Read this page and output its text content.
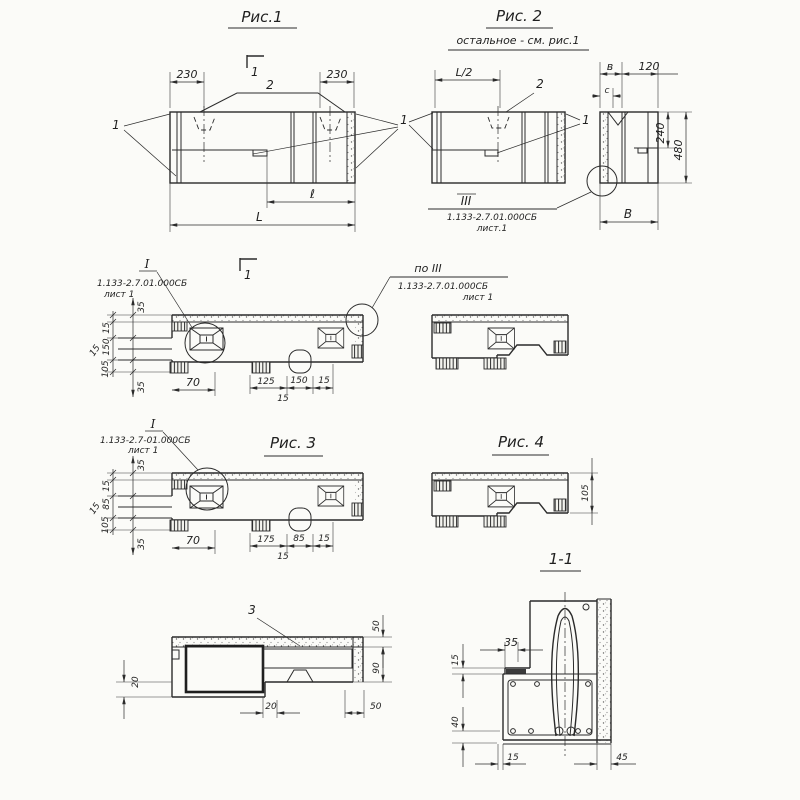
Рис.1
1
230	230
2
1
ℓ
L
Рис. 2
остальное - см. рис.1
L/2
2
1	1
в
с
120
240
480
В
III
1.133-2.7.01.000СБ
лист.1
1
I
1.133-2.7.01.000СБ
лист 1
35
15
150
15
105
35	70	125 150 15
15
по III
1.133-2.7.01.000СБ
лист 1
Рис. 3
I
1.133-2.7-01.000СБ
лист 1
35
15
85
15
105
35	70	175 85 15
15
Рис. 4
105
3
20
20	50
50
90
1-1
35
15
40
15	45
